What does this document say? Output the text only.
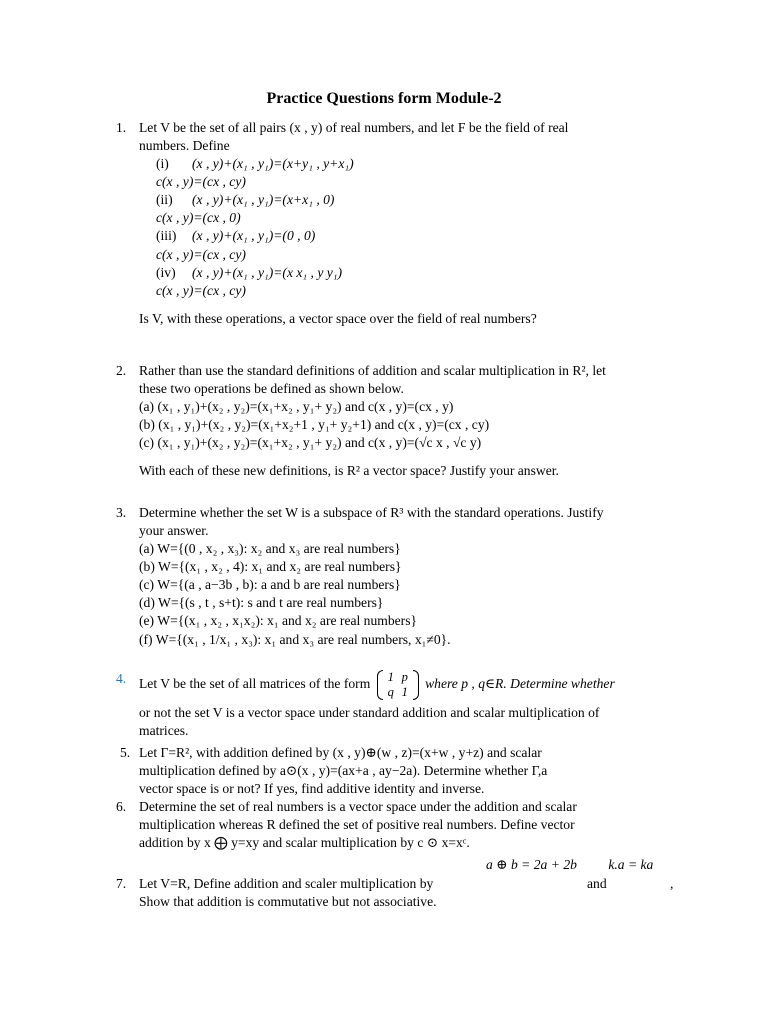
Practice Questions form Module-2
1. Let V be the set of all pairs (x , y) of real numbers, and let F be the field of real
numbers. Define
(i) (x , y)+(x₁ , y₁)=(x+y₁ , y+x₁)
c(x , y)=(cx , cy)
(ii) (x , y)+(x₁ , y₁)=(x+x₁ , 0)
c(x , y)=(cx , 0)
(iii) (x , y)+(x₁ , y₁)=(0 , 0)
c(x , y)=(cx , cy)
(iv) (x , y)+(x₁ , y₁)=(x x₁ , y y₁)
c(x , y)=(cx , cy)
Is V, with these operations, a vector space over the field of real numbers?
2. Rather than use the standard definitions of addition and scalar multiplication in R², let
these two operations be defined as shown below.
(a) (x₁ , y₁)+(x₂ , y₂)=(x₁+x₂ , y₁+ y₂) and c(x , y)=(cx , y)
(b) (x₁ , y₁)+(x₂ , y₂)=(x₁+x₂+1 , y₁+ y₂+1) and c(x , y)=(cx , cy)
(c) (x₁ , y₁)+(x₂ , y₂)=(x₁+x₂ , y₁+ y₂) and c(x , y)=(√c x , √c y)
With each of these new definitions, is R² a vector space? Justify your answer.
3. Determine whether the set W is a subspace of R³ with the standard operations. Justify
your answer.
(a) W={(0 , x₂ , x₃): x₂ and x₃ are real numbers}
(b) W={(x₁ , x₂ , 4): x₁ and x₂ are real numbers}
(c) W={(a , a−3b , b): a and b are real numbers}
(d) W={(s , t , s+t): s and t are real numbers}
(e) W={(x₁ , x₂ , x₁x₂): x₁ and x₂ are real numbers}
(f) W={(x₁ , 1/x₁ , x₃): x₁ and x₃ are real numbers, x₁≠0}.
4. Let V be the set of all matrices of the form 1 p
q 1 where p , q∈R. Determine whether
or not the set V is a vector space under standard addition and scalar multiplication of
matrices.
5. Let Γ=R², with addition defined by (x , y)⊕(w , z)=(x+w , y+z) and scalar
multiplication defined by a⊙(x , y)=(ax+a , ay−2a). Determine whether Γ,a
vector space is or not? If yes, find additive identity and inverse.
6. Determine the set of real numbers is a vector space under the addition and scalar
multiplication whereas R defined the set of positive real numbers. Define vector
addition by x ⨁ y=xy and scalar multiplication by c ⊙ x=xᶜ.
a ⊕ b = 2a + 2b k.a = ka
7. Let V=R, Define addition and scaler multiplication by	and	,
Show that addition is commutative but not associative.
